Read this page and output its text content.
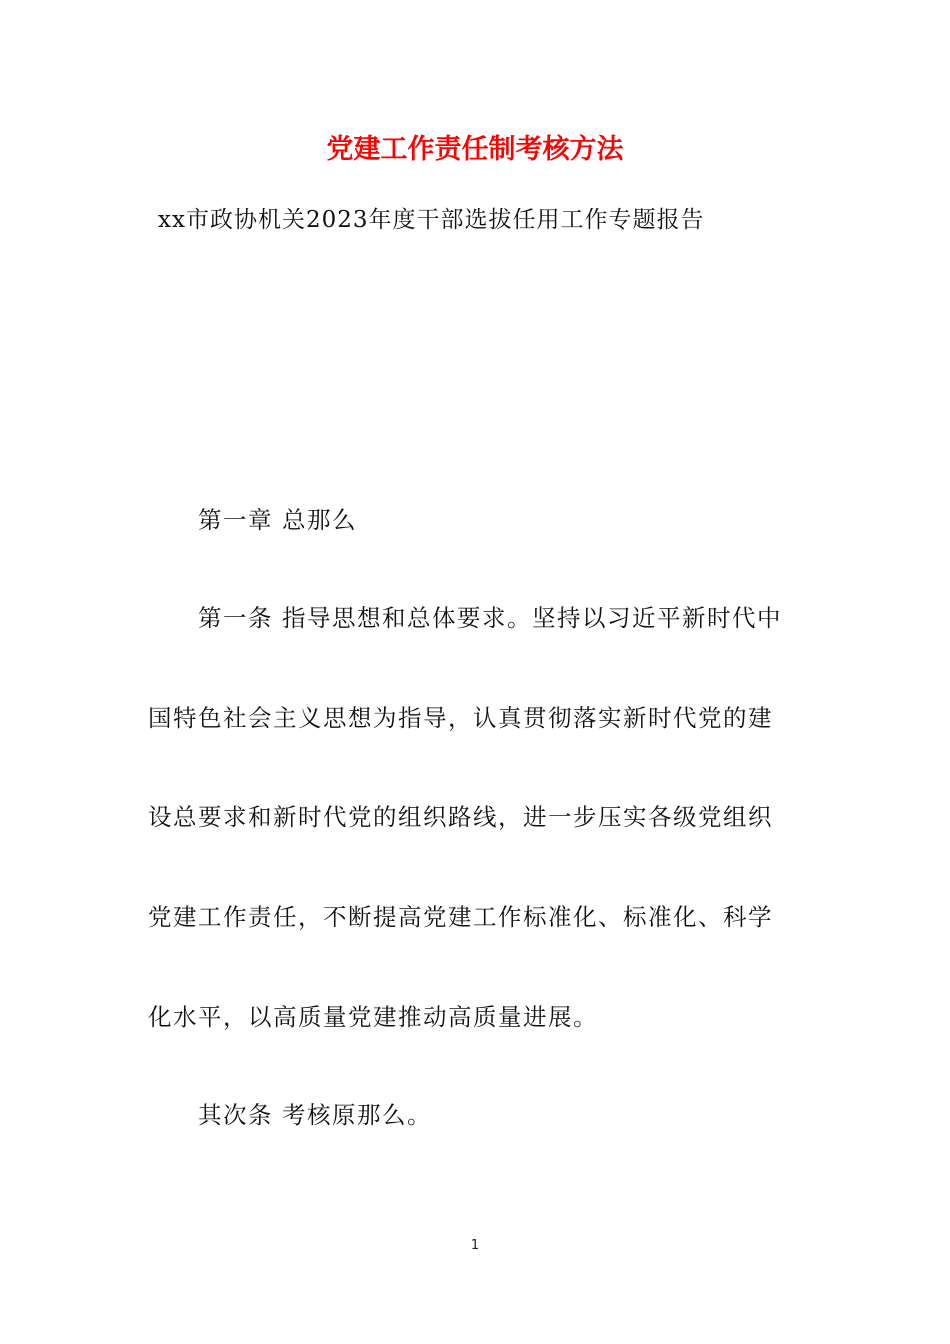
党建工作责任制考核方法
xx市政协机关2023年度干部选拔任用工作专题报告
第一章 总那么
第一条 指导思想和总体要求。坚持以习近平新时代中
国特色社会主义思想为指导，认真贯彻落实新时代党的建
设总要求和新时代党的组织路线，进一步压实各级党组织
党建工作责任，不断提高党建工作标准化、标准化、科学
化水平，以高质量党建推动高质量进展。
其次条 考核原那么。
1
